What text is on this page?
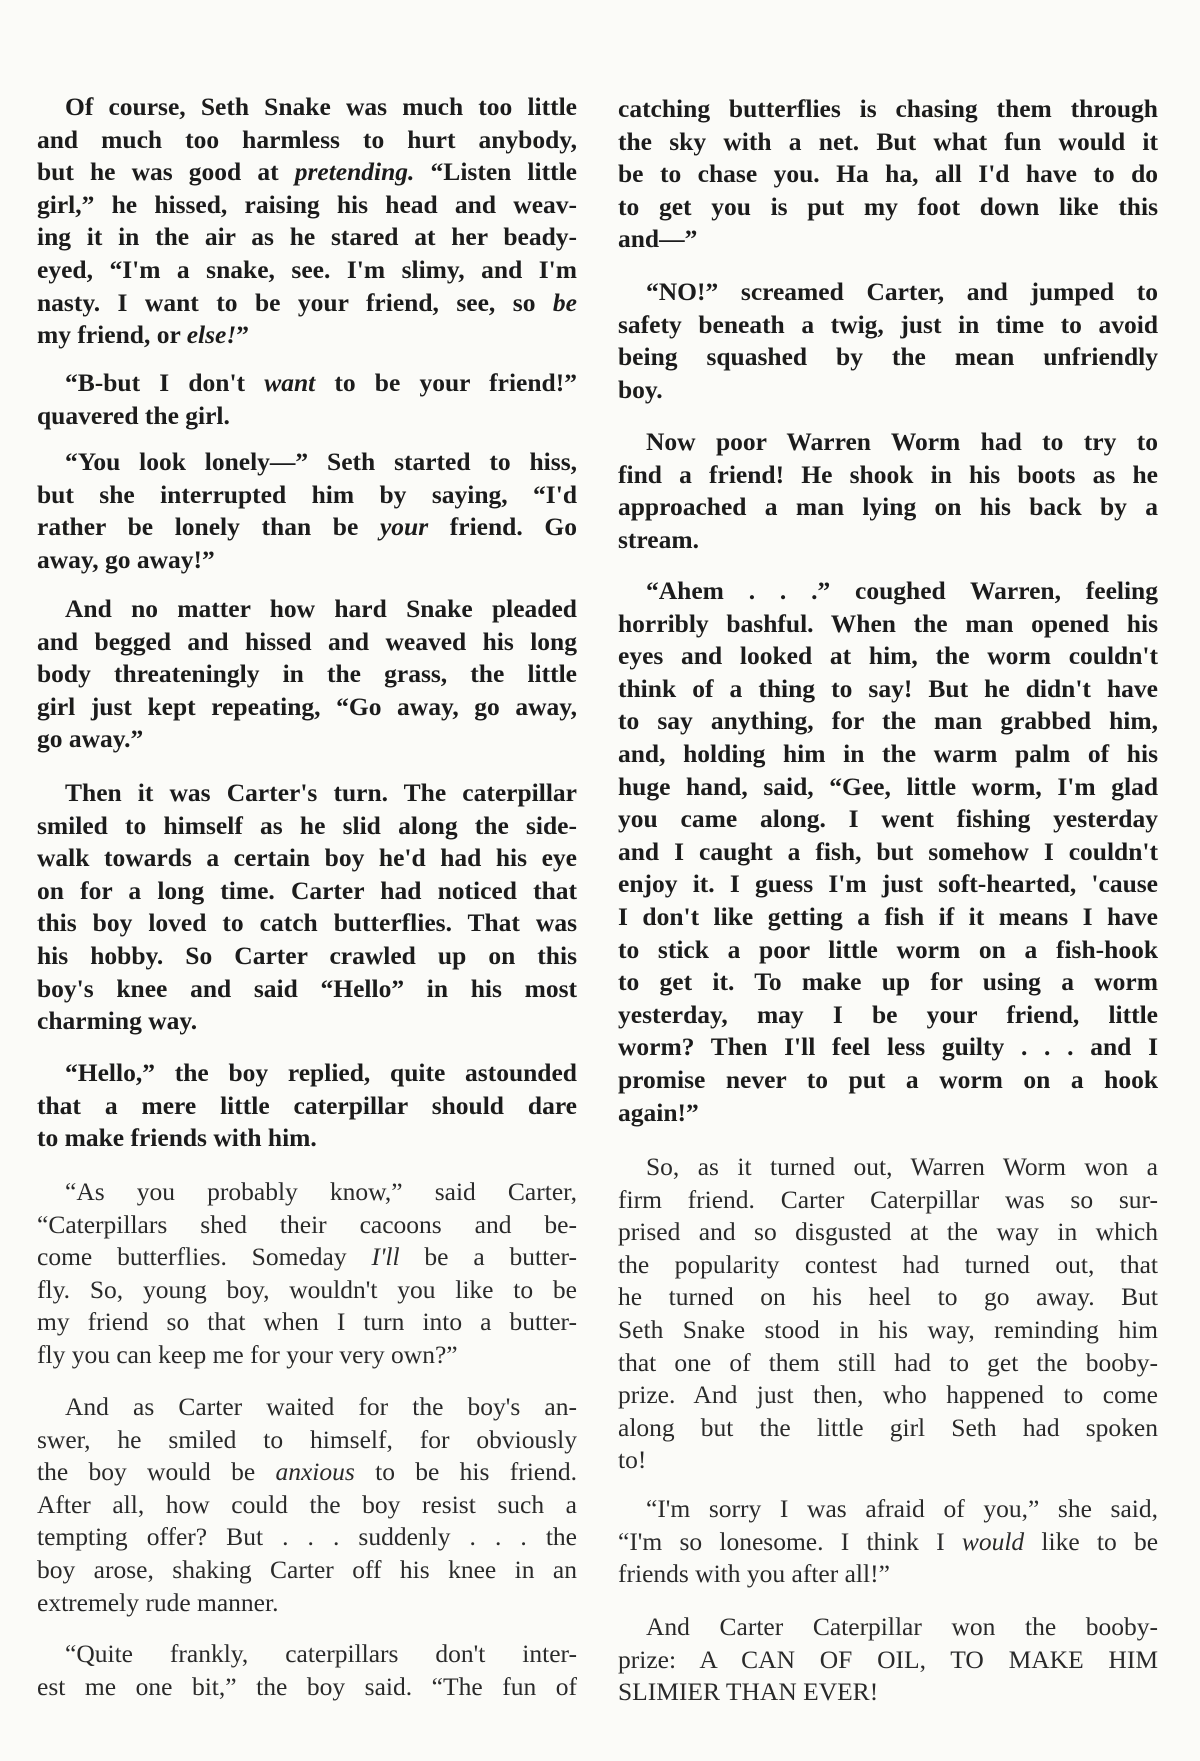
Of course, Seth Snake was much too little
and much too harmless to hurt anybody,
but he was good at pretending. “Listen little
girl,” he hissed, raising his head and weav-
ing it in the air as he stared at her beady-
eyed, “I'm a snake, see. I'm slimy, and I'm
nasty. I want to be your friend, see, so be
my friend, or else!”
“B-but I don't want to be your friend!”
quavered the girl.
“You look lonely—” Seth started to hiss,
but she interrupted him by saying, “I'd
rather be lonely than be your friend. Go
away, go away!”
And no matter how hard Snake pleaded
and begged and hissed and weaved his long
body threateningly in the grass, the little
girl just kept repeating, “Go away, go away,
go away.”
Then it was Carter's turn. The caterpillar
smiled to himself as he slid along the side-
walk towards a certain boy he'd had his eye
on for a long time. Carter had noticed that
this boy loved to catch butterflies. That was
his hobby. So Carter crawled up on this
boy's knee and said “Hello” in his most
charming way.
“Hello,” the boy replied, quite astounded
that a mere little caterpillar should dare
to make friends with him.
“As you probably know,” said Carter,
“Caterpillars shed their cacoons and be-
come butterflies. Someday I'll be a butter-
fly. So, young boy, wouldn't you like to be
my friend so that when I turn into a butter-
fly you can keep me for your very own?”
And as Carter waited for the boy's an-
swer, he smiled to himself, for obviously
the boy would be anxious to be his friend.
After all, how could the boy resist such a
tempting offer? But . . . suddenly . . . the
boy arose, shaking Carter off his knee in an
extremely rude manner.
“Quite frankly, caterpillars don't inter-
est me one bit,” the boy said. “The fun of
catching butterflies is chasing them through
the sky with a net. But what fun would it
be to chase you. Ha ha, all I'd have to do
to get you is put my foot down like this
and—”
“NO!” screamed Carter, and jumped to
safety beneath a twig, just in time to avoid
being squashed by the mean unfriendly
boy.
Now poor Warren Worm had to try to
find a friend! He shook in his boots as he
approached a man lying on his back by a
stream.
“Ahem . . .” coughed Warren, feeling
horribly bashful. When the man opened his
eyes and looked at him, the worm couldn't
think of a thing to say! But he didn't have
to say anything, for the man grabbed him,
and, holding him in the warm palm of his
huge hand, said, “Gee, little worm, I'm glad
you came along. I went fishing yesterday
and I caught a fish, but somehow I couldn't
enjoy it. I guess I'm just soft-hearted, 'cause
I don't like getting a fish if it means I have
to stick a poor little worm on a fish-hook
to get it. To make up for using a worm
yesterday, may I be your friend, little
worm? Then I'll feel less guilty . . . and I
promise never to put a worm on a hook
again!”
So, as it turned out, Warren Worm won a
firm friend. Carter Caterpillar was so sur-
prised and so disgusted at the way in which
the popularity contest had turned out, that
he turned on his heel to go away. But
Seth Snake stood in his way, reminding him
that one of them still had to get the booby-
prize. And just then, who happened to come
along but the little girl Seth had spoken
to!
“I'm sorry I was afraid of you,” she said,
“I'm so lonesome. I think I would like to be
friends with you after all!”
And Carter Caterpillar won the booby-
prize: A CAN OF OIL, TO MAKE HIM
SLIMIER THAN EVER!
